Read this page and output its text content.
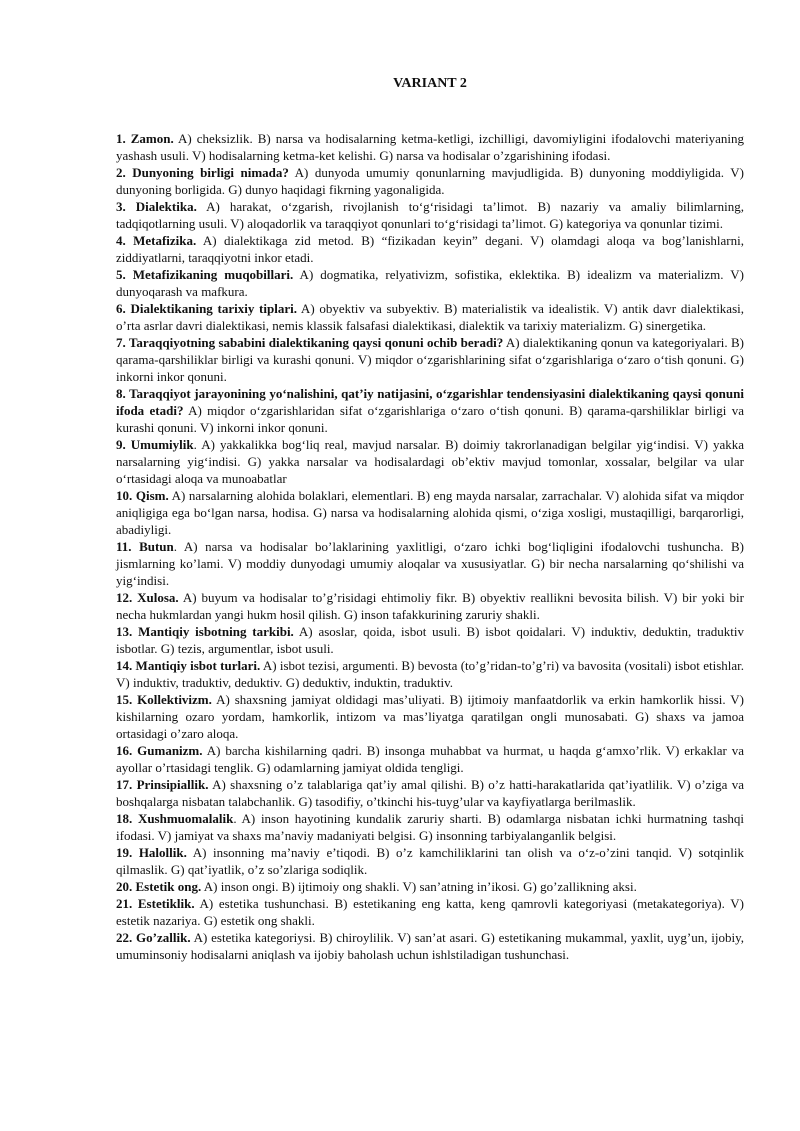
VARIANT 2

1. Zamon. A) cheksizlik. B) narsa va hodisalarning ketma-ketligi, izchilligi, davomiyligini ifodalovchi materiyaning yashash usuli. V) hodisalarning ketma-ket kelishi. G) narsa va hodisalar o’zgarishining ifodasi.

2. Dunyoning birligi nimada? A) dunyoda umumiy qonunlarning mavjudligida. B) dunyoning moddiyligida. V) dunyoning borligida. G) dunyo haqidagi fikrning yagonaligida.

3. Dialektika. A) harakat, o‘zgarish, rivojlanish to‘g‘risidagi ta’limot. B) nazariy va amaliy bilimlarning, tadqiqotlarning usuli. V) aloqadorlik va taraqqiyot qonunlari to‘g‘risidagi ta’limot. G) kategoriya va qonunlar tizimi.

4. Metafizika. A) dialektikaga zid metod. B) “fizikadan keyin” degani. V) olamdagi aloqa va bog’lanishlarni, ziddiyatlarni, taraqqiyotni inkor etadi.

5. Metafizikaning muqobillari. A) dogmatika, relyativizm, sofistika, eklektika. B) idealizm va materializm. V) dunyoqarash va mafkura.

6. Dialektikaning tarixiy tiplari. A) obyektiv va subyektiv. B) materialistik va idealistik. V) antik davr dialektikasi, o’rta asrlar davri dialektikasi, nemis klassik falsafasi dialektikasi, dialektik va tarixiy materializm. G) sinergetika.

7. Taraqqiyotning sababini dialektikaning qaysi qonuni ochib beradi? A) dialektikaning qonun va kategoriyalari. B) qarama-qarshiliklar birligi va kurashi qonuni. V) miqdor o‘zgarishlarining sifat o‘zgarishlariga o‘zaro o‘tish qonuni. G) inkorni inkor qonuni.

8. Taraqqiyot jarayonining yo‘nalishini, qat’iy natijasini, o‘zgarishlar tendensiyasini dialektikaning qaysi qonuni ifoda etadi? A) miqdor o‘zgarishlaridan sifat o‘zgarishlariga o‘zaro o‘tish qonuni. B) qarama-qarshiliklar birligi va kurashi qonuni. V) inkorni inkor qonuni.

9. Umumiylik. A) yakkalikka bog‘liq real, mavjud narsalar. B) doimiy takrorlanadigan belgilar yig‘indisi. V) yakka narsalarning yig‘indisi. G) yakka narsalar va hodisalardagi ob’ektiv mavjud tomonlar, xossalar, belgilar va ular o‘rtasidagi aloqa va munoabatlar

10. Qism. A) narsalarning alohida bolaklari, elementlari. B) eng mayda narsalar, zarrachalar. V) alohida sifat va miqdor aniqligiga ega bo‘lgan narsa, hodisa. G) narsa va hodisalarning alohida qismi, o‘ziga xosligi, mustaqilligi, barqarorligi, abadiyligi.

11. Butun. A) narsa va hodisalar bo’laklarining yaxlitligi, o‘zaro ichki bog‘liqligini ifodalovchi tushuncha. B) jismlarning ko’lami. V) moddiy dunyodagi umumiy aloqalar va xususiyatlar. G) bir necha narsalarning qo‘shilishi va yig‘indisi.

12. Xulosa. A) buyum va hodisalar to’g’risidagi ehtimoliy fikr. B) obyektiv reallikni bevosita bilish. V) bir yoki bir necha hukmlardan yangi hukm hosil qilish. G) inson tafakkurining zaruriy shakli.

13. Mantiqiy isbotning tarkibi. A) asoslar, qoida, isbot usuli. B) isbot qoidalari. V) induktiv, deduktin, traduktiv isbotlar. G) tezis, argumentlar, isbot usuli.

14. Mantiqiy isbot turlari. A) isbot tezisi, argumenti. B) bevosta (to’g’ridan-to’g’ri) va bavosita (vositali) isbot etishlar. V) induktiv, traduktiv, deduktiv. G) deduktiv, induktin, traduktiv.

15. Kollektivizm. A) shaxsning jamiyat oldidagi mas’uliyati. B) ijtimoiy manfaatdorlik va erkin hamkorlik hissi. V) kishilarning ozaro yordam, hamkorlik, intizom va mas’liyatga qaratilgan ongli munosabati. G) shaxs va jamoa ortasidagi o’zaro aloqa.

16. Gumanizm. A) barcha kishilarning qadri. B) insonga muhabbat va hurmat, u haqda g‘amxo’rlik. V) erkaklar va ayollar o’rtasidagi tenglik. G) odamlarning jamiyat oldida tengligi.

17. Prinsipiallik. A) shaxsning o’z talablariga qat’iy amal qilishi. B) o’z hatti-harakatlarida qat’iyatlilik. V) o’ziga va boshqalarga nisbatan talabchanlik. G) tasodifiy, o’tkinchi his-tuyg’ular va kayfiyatlarga berilmaslik.

18. Xushmuomalalik. A) inson hayotining kundalik zaruriy sharti. B) odamlarga nisbatan ichki hurmatning tashqi ifodasi. V) jamiyat va shaxs ma’naviy madaniyati belgisi. G) insonning tarbiyalanganlik belgisi.

19. Halollik. A) insonning ma’naviy e’tiqodi. B) o’z kamchiliklarini tan olish va o‘z-o’zini tanqid. V) sotqinlik qilmaslik. G) qat’iyatlik, o’z so’zlariga sodiqlik.

20. Estetik ong. A) inson ongi. B) ijtimoiy ong shakli. V) san’atning in’ikosi. G) go’zallikning aksi.

21. Estetiklik. A) estetika tushunchasi. B) estetikaning eng katta, keng qamrovli kategoriyasi (metakategoriya). V) estetik nazariya. G) estetik ong shakli.

22. Go’zallik. A) estetika kategoriysi. B) chiroylilik. V) san’at asari. G) estetikaning mukammal, yaxlit, uyg’un, ijobiy, umuminsoniy hodisalarni aniqlash va ijobiy baholash uchun ishlstiladigan tushunchasi.
